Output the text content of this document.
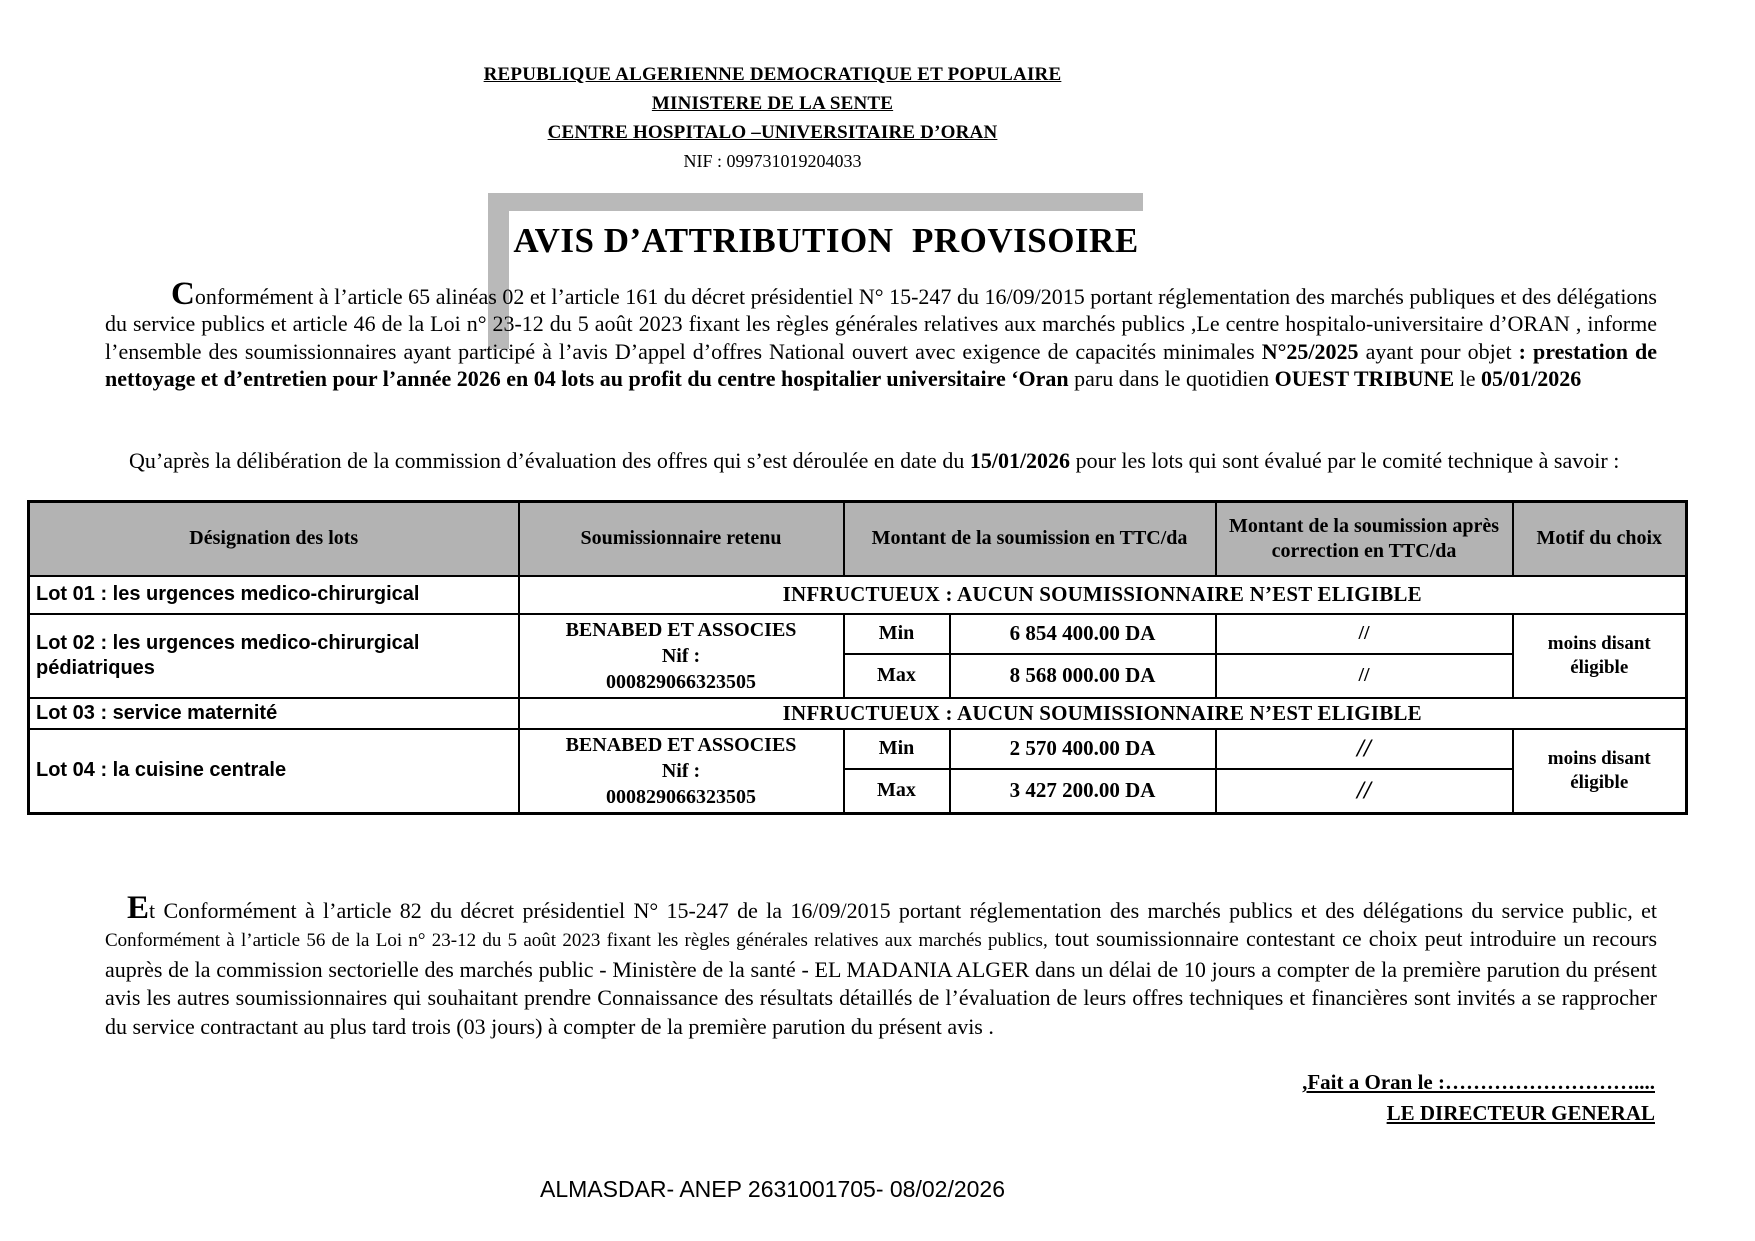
REPUBLIQUE ALGERIENNE DEMOCRATIQUE ET POPULAIRE
MINISTERE DE LA SENTE
CENTRE HOSPITALO –UNIVERSITAIRE D’ORAN
NIF : 099731019204033
AVIS D’ATTRIBUTION  PROVISOIRE
Conformément à l’article 65 alinéas 02 et l’article 161 du décret présidentiel N° 15-247 du 16/09/2015 portant réglementation des marchés publiques et des délégations du service publics et article 46 de la Loi n° 23-12 du 5 août 2023 fixant les règles générales relatives aux marchés publics ,Le centre hospitalo-universitaire d’ORAN , informe l’ensemble des soumissionnaires ayant participé à l’avis D’appel d’offres National ouvert avec exigence de capacités minimales N°25/2025 ayant pour objet : prestation de nettoyage et d’entretien pour l’année 2026 en 04 lots au profit du centre hospitalier universitaire ‘Oran paru dans le quotidien OUEST TRIBUNE le 05/01/2026
Qu’après la délibération de la commission d’évaluation des offres qui s’est déroulée en date du 15/01/2026 pour les lots qui sont évalué par le comité technique à savoir :
Désignation des lots	Soumissionnaire retenu	Montant de la soumission en TTC/da		Montant de la soumission après correction en TTC/da	Motif du choix
Lot 01 : les urgences medico-chirurgical	INFRUCTUEUX : AUCUN SOUMISSIONNAIRE N’EST ELIGIBLE				
Lot 02 : les urgences medico-chirurgical pédiatriques	BENABED ET ASSOCIES
Nif :
000829066323505	Min	6 854 400.00 DA	//	moins disant éligible
		Max	8 568 000.00 DA	//	
Lot 03 : service maternité	INFRUCTUEUX : AUCUN SOUMISSIONNAIRE N’EST ELIGIBLE				
Lot 04 : la cuisine centrale	BENABED ET ASSOCIES
Nif :
000829066323505	Min	2 570 400.00 DA	//	moins disant éligible
		Max	3 427 200.00 DA	//	
Et Conformément à l’article 82 du décret présidentiel N° 15-247 de la 16/09/2015 portant réglementation des marchés publics et des délégations du service public, et Conformément à l’article 56 de la Loi n° 23-12 du 5 août 2023 fixant les règles générales relatives aux marchés publics, tout soumissionnaire contestant ce choix peut introduire un recours auprès de la commission sectorielle des marchés public - Ministère de la santé - EL MADANIA ALGER dans un délai de 10 jours a compter de la première parution du présent avis les autres soumissionnaires qui souhaitant prendre Connaissance des résultats détaillés de l’évaluation de leurs offres techniques et financières sont invités a se rapprocher du service contractant au plus tard trois (03 jours) à compter de la première parution du présent avis .
,Fait a Oran le :………………………....
LE DIRECTEUR GENERAL
ALMASDAR- ANEP 2631001705- 08/02/2026
